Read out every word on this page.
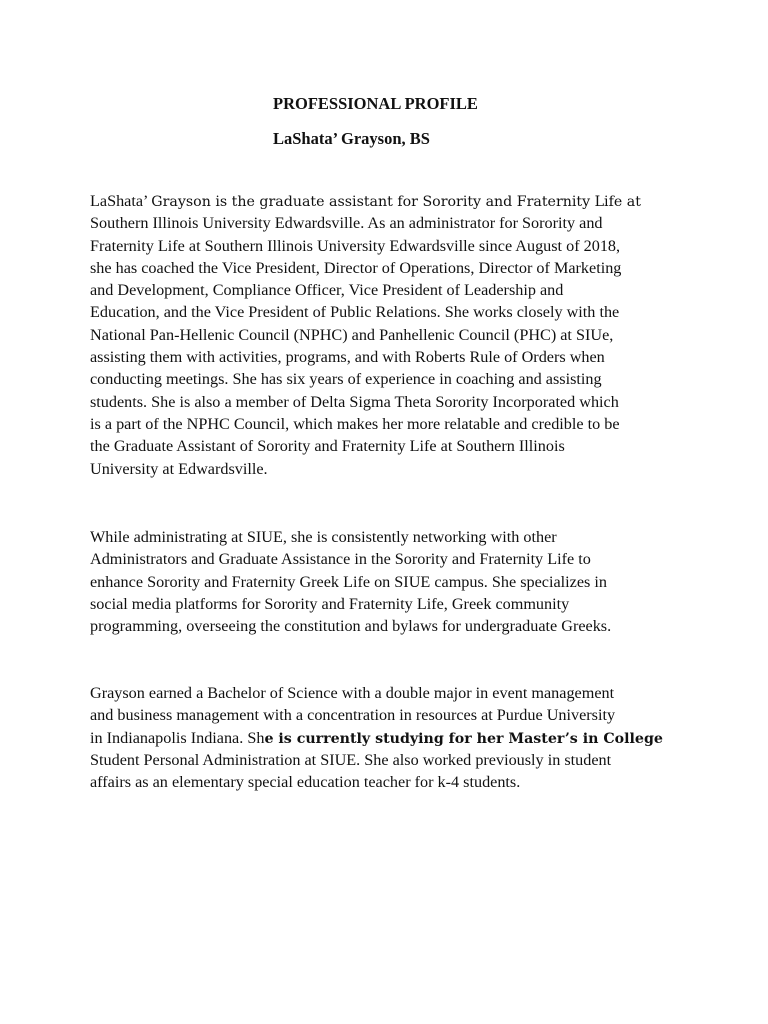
PROFESSIONAL PROFILE
LaShata’ Grayson, BS
LaShata’ Grayson is the graduate assistant for Sorority and Fraternity Life at
Southern Illinois University Edwardsville. As an administrator for Sorority and
Fraternity Life at Southern Illinois University Edwardsville since August of 2018,
she has coached the Vice President, Director of Operations, Director of Marketing
and Development, Compliance Officer, Vice President of Leadership and
Education, and the Vice President of Public Relations. She works closely with the
National Pan-Hellenic Council (NPHC) and Panhellenic Council (PHC) at SIUe,
assisting them with activities, programs, and with Roberts Rule of Orders when
conducting meetings. She has six years of experience in coaching and assisting
students. She is also a member of Delta Sigma Theta Sorority Incorporated which
is a part of the NPHC Council, which makes her more relatable and credible to be
the Graduate Assistant of Sorority and Fraternity Life at Southern Illinois
University at Edwardsville.
While administrating at SIUE, she is consistently networking with other
Administrators and Graduate Assistance in the Sorority and Fraternity Life to
enhance Sorority and Fraternity Greek Life on SIUE campus. She specializes in
social media platforms for Sorority and Fraternity Life, Greek community
programming, overseeing the constitution and bylaws for undergraduate Greeks.
Grayson earned a Bachelor of Science with a double major in event management
and business management with a concentration in resources at Purdue University
in Indianapolis Indiana. She is currently studying for her Master’s in College
Student Personal Administration at SIUE. She also worked previously in student
affairs as an elementary special education teacher for k-4 students.
